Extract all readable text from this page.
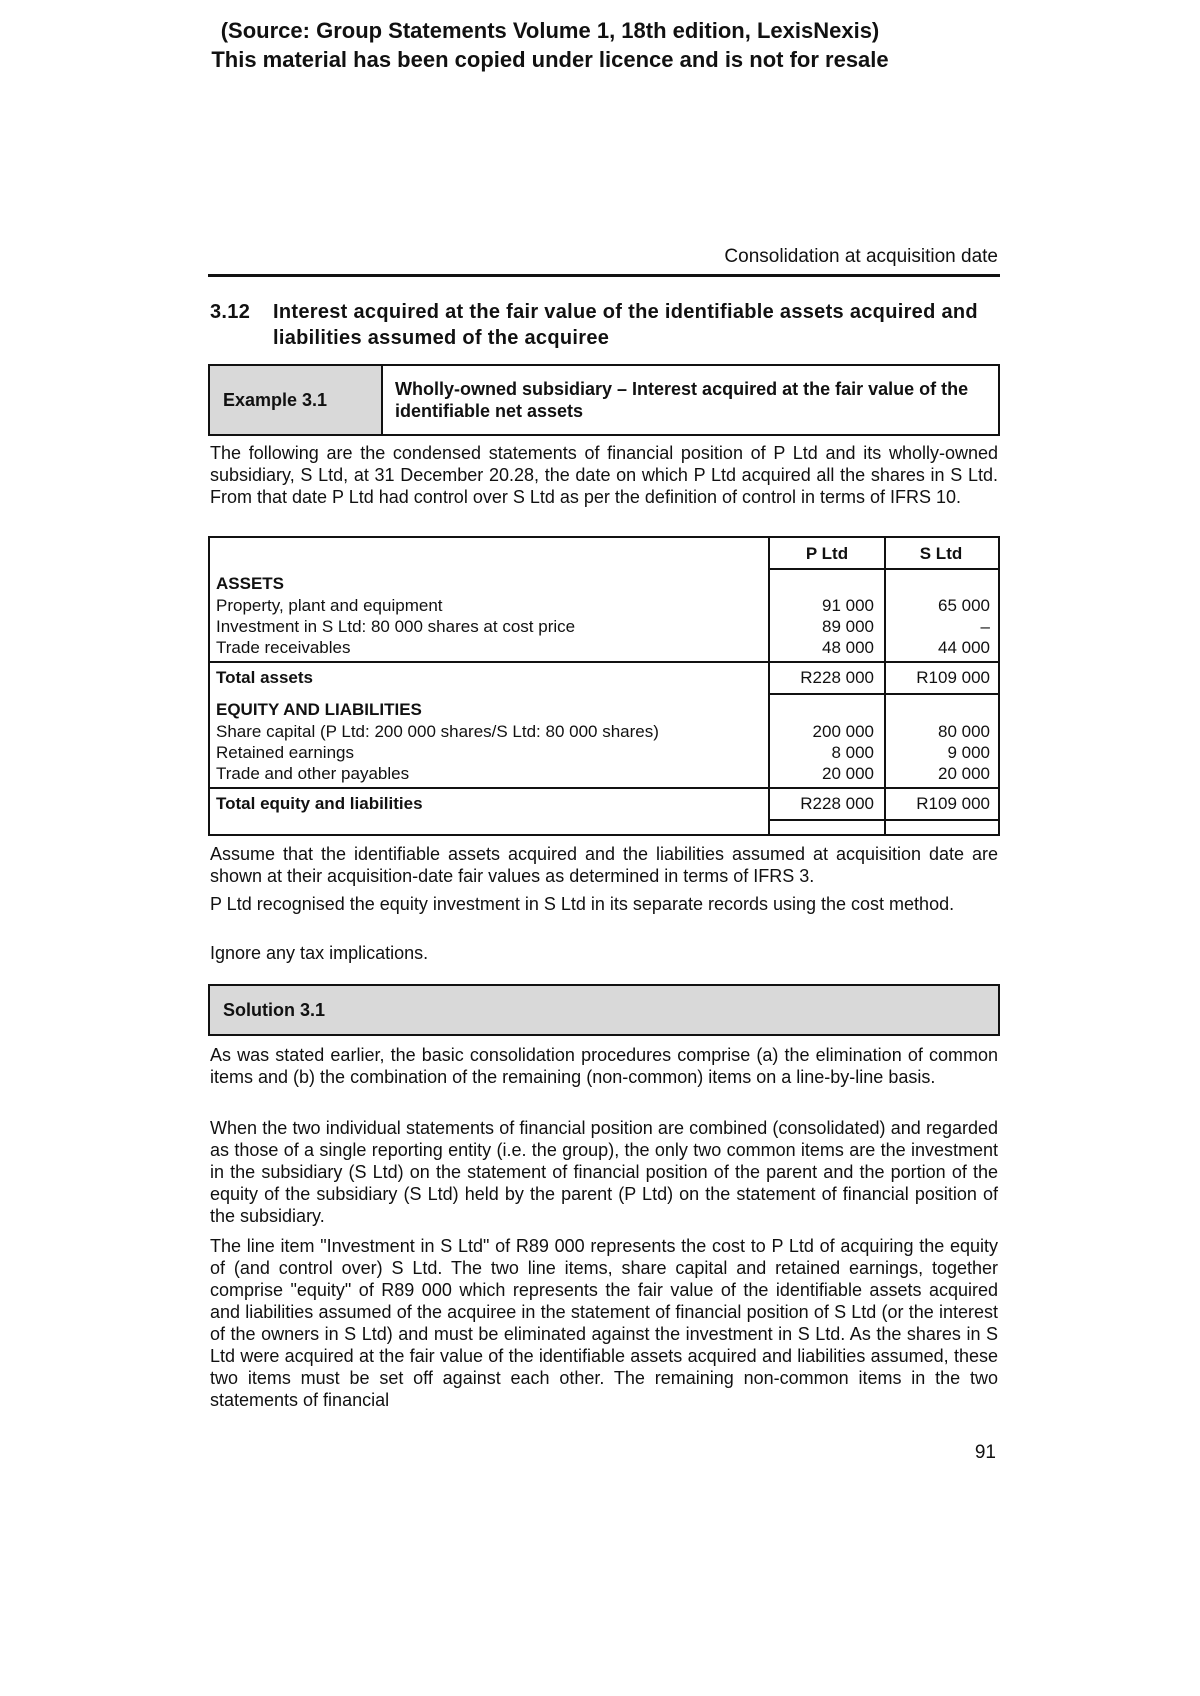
(Source: Group Statements Volume 1, 18th edition, LexisNexis)
This material has been copied under licence and is not for resale
Consolidation at acquisition date
3.12 Interest acquired at the fair value of the identifiable assets acquired and liabilities assumed of the acquiree
Example 3.1
Wholly-owned subsidiary – Interest acquired at the fair value of the identifiable net assets
The following are the condensed statements of financial position of P Ltd and its wholly-owned subsidiary, S Ltd, at 31 December 20.28, the date on which P Ltd acquired all the shares in S Ltd. From that date P Ltd had control over S Ltd as per the definition of control in terms of IFRS 10.
P Ltd	S Ltd
ASSETS
Property, plant and equipment	91 000	65 000
Investment in S Ltd: 80 000 shares at cost price	89 000	–
Trade receivables	48 000	44 000
Total assets	R228 000	R109 000
EQUITY AND LIABILITIES
Share capital (P Ltd: 200 000 shares/S Ltd: 80 000 shares)	200 000	80 000
Retained earnings	8 000	9 000
Trade and other payables	20 000	20 000
Total equity and liabilities	R228 000	R109 000
Assume that the identifiable assets acquired and the liabilities assumed at acquisition date are shown at their acquisition-date fair values as determined in terms of IFRS 3.
P Ltd recognised the equity investment in S Ltd in its separate records using the cost method.
Ignore any tax implications.
Solution 3.1
As was stated earlier, the basic consolidation procedures comprise (a) the elimination of common items and (b) the combination of the remaining (non-common) items on a line-by-line basis.
When the two individual statements of financial position are combined (consolidated) and regarded as those of a single reporting entity (i.e. the group), the only two common items are the investment in the subsidiary (S Ltd) on the statement of financial position of the parent and the portion of the equity of the subsidiary (S Ltd) held by the parent (P Ltd) on the statement of financial position of the subsidiary.
The line item "Investment in S Ltd" of R89 000 represents the cost to P Ltd of acquiring the equity of (and control over) S Ltd. The two line items, share capital and retained earnings, together comprise "equity" of R89 000 which represents the fair value of the identifiable assets acquired and liabilities assumed of the acquiree in the statement of financial position of S Ltd (or the interest of the owners in S Ltd) and must be eliminated against the investment in S Ltd. As the shares in S Ltd were acquired at the fair value of the identifiable assets acquired and liabilities assumed, these two items must be set off against each other. The remaining non-common items in the two statements of financial
91
